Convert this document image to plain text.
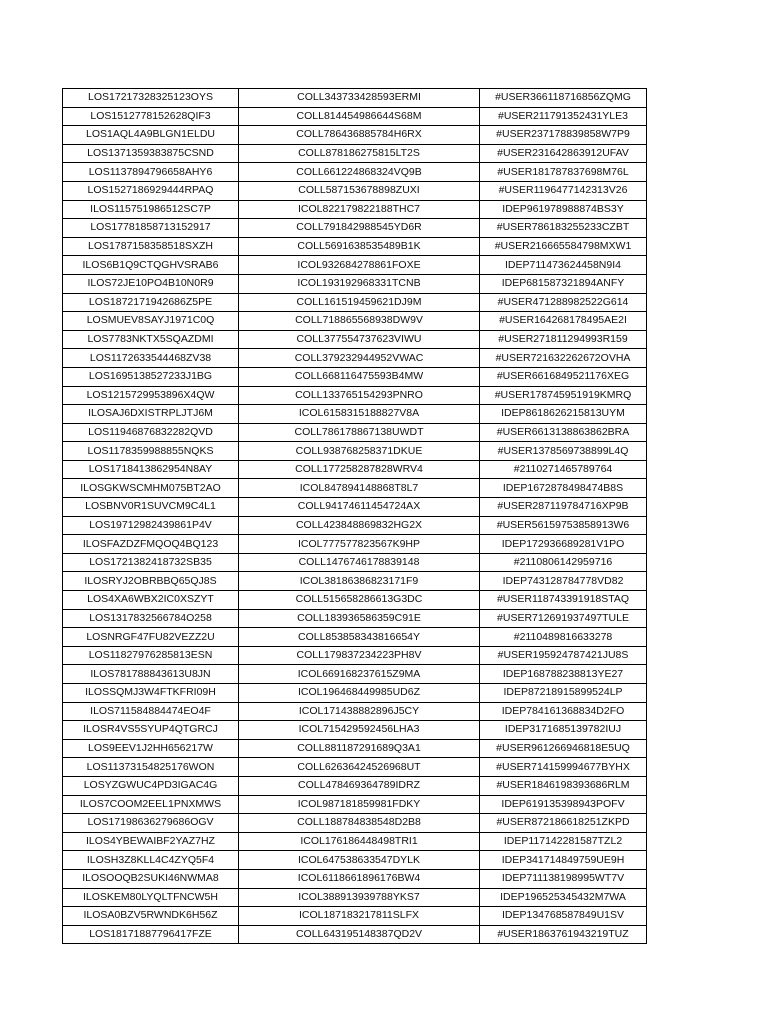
LOS17217328325123OYS	COLL343733428593ERMI	#USER366118716856ZQMG
LOS1512778152628QIF3	COLL814454986644S68M	#USER211791352431YLE3
LOS1AQL4A9BLGN1ELDU	COLL786436885784H6RX	#USER237178839858W7P9
LOS1371359383875CSND	COLL878186275815LT2S	#USER231642863912UFAV
LOS1137894796658AHY6	COLL661224868324VQ9B	#USER181787837698M76L
LOS1527186929444RPAQ	COLL587153678898ZUXI	#USER1196477142313V26
ILOS115751986512SC7P	ICOL822179822188THC7	IDEP961978988874BS3Y
LOS17781858713152917	COLL791842988545YD6R	#USER786183255233CZBT
LOS1787158358518SXZH	COLL5691638535489B1K	#USER216665584798MXW1
ILOS6B1Q9CTQGHVSRAB6	ICOL932684278861FOXE	IDEP711473624458N9I4
ILOS72JE10PO4B10N0R9	ICOL193192968331TCNB	IDEP681587321894ANFY
LOS1872171942686Z5PE	COLL161519459621DJ9M	#USER471288982522G614
LOSMUEV8SAYJ1971C0Q	COLL718865568938DW9V	#USER164268178495AE2I
LOS7783NKTX5SQAZDMI	COLL377554737623VIWU	#USER271811294993R159
LOS1172633544468ZV38	COLL379232944952VWAC	#USER721632262672OVHA
LOS1695138527233J1BG	COLL668116475593B4MW	#USER6616849521176XEG
LOS1215729953896X4QW	COLL133765154293PNRO	#USER178745951919KMRQ
ILOSAJ6DXISTRPLJTJ6M	ICOL6158315188827V8A	IDEP8618626215813UYM
LOS11946876832282QVD	COLL786178867138UWDT	#USER6613138863862BRA
LOS1178359988855NQKS	COLL938768258371DKUE	#USER1378569738899L4Q
LOS1718413862954N8AY	COLL177258287828WRV4	#2110271465789764
ILOSGKWSCMHM075BT2AO	ICOL847894148868T8L7	IDEP1672878498474B8S
LOSBNV0R1SUVCM9C4L1	COLL94174611454724AX	#USER287119784716XP9B
LOS19712982439861P4V	COLL423848869832HG2X	#USER56159753858913W6
ILOSFAZDZFMQOQ4BQ123	ICOL777577823567K9HP	IDEP172936689281V1PO
LOS1721382418732SB35	COLL1476746178839148	#2110806142959716
ILOSRYJ2OBRBBQ65QJ8S	ICOL38186386823171F9	IDEP743128784778VD82
LOS4XA6WBX2IC0XSZYT	COLL515658286613G3DC	#USER118743391918STAQ
LOS1317832566784O258	COLL183936586359C91E	#USER712691937497TULE
LOSNRGF47FU82VEZZ2U	COLL853858343816654Y	#2110489816633278
LOS11827976285813ESN	COLL179837234223PH8V	#USER195924787421JU8S
ILOS781788843613U8JN	ICOL669168237615Z9MA	IDEP168788238813YE27
ILOSSQMJ3W4FTKFRI09H	ICOL196468449985UD6Z	IDEP87218915899524LP
ILOS711584884474EO4F	ICOL171438882896J5CY	IDEP784161368834D2FO
ILOSR4VS5SYUP4QTGRCJ	ICOL715429592456LHA3	IDEP3171685139782IUJ
LOS9EEV1J2HH656217W	COLL881187291689Q3A1	#USER961266946818E5UQ
LOS11373154825176WON	COLL62636424526968UT	#USER714159994677BYHX
LOSYZGWUC4PD3IGAC4G	COLL478469364789IDRZ	#USER1846198393686RLM
ILOS7COOM2EEL1PNXMWS	ICOL987181859981FDKY	IDEP619135398943POFV
LOS17198636279686OGV	COLL188784838548D2B8	#USER872186618251ZKPD
ILOS4YBEWAIBF2YAZ7HZ	ICOL176186448498TRI1	IDEP117142281587TZL2
ILOSH3Z8KLL4C4ZYQ5F4	ICOL647538633547DYLK	IDEP341714849759UE9H
ILOSOOQB2SUKI46NWMA8	ICOL6118661896176BW4	IDEP711138198995WT7V
ILOSKEM80LYQLTFNCW5H	ICOL388913939788YKS7	IDEP196525345432M7WA
ILOSA0BZV5RWNDK6H56Z	ICOL187183217811SLFX	IDEP134768587849U1SV
LOS18171887796417FZE	COLL643195148387QD2V	#USER1863761943219TUZ
